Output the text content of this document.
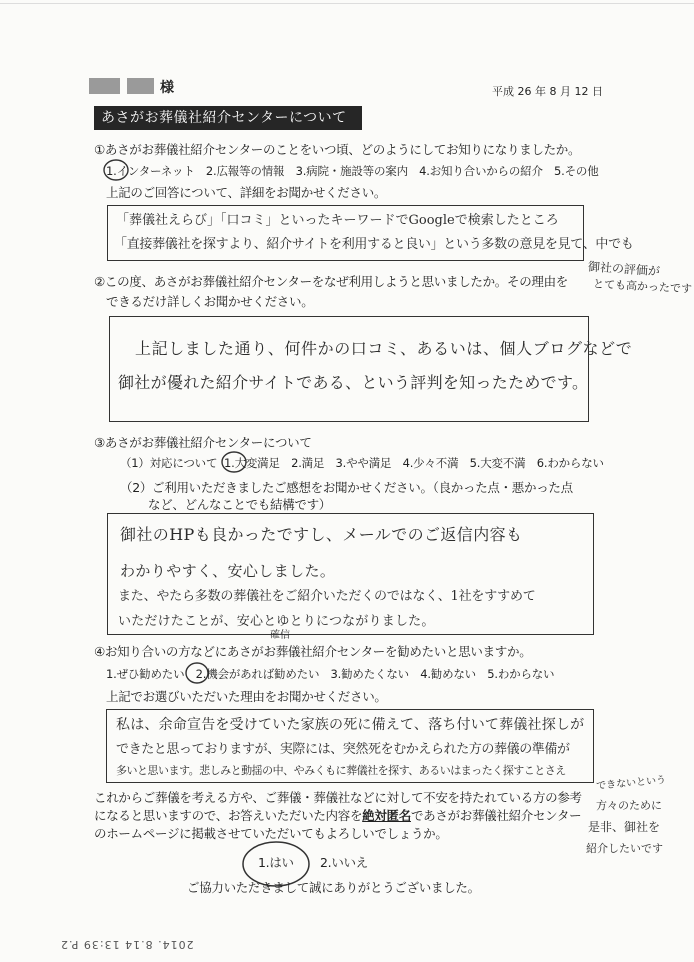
様	平成 26 年 8 月 12 日
あさがお葬儀社紹介センターについて
①あさがお葬儀社紹介センターのことをいつ頃、どのようにしてお知りになりましたか。
1.インターネット　2.広報等の情報　3.病院・施設等の案内　4.お知り合いからの紹介　5.その他
上記のご回答について、詳細をお聞かせください。
「葬儀社えらび」「口コミ」といったキーワードでGoogleで検索したところ
「直接葬儀社を探すより、紹介サイトを利用すると良い」という多数の意見を見て、中でも
御社の評価が
とても高かったです
②この度、あさがお葬儀社紹介センターをなぜ利用しようと思いましたか。その理由を
できるだけ詳しくお聞かせください。
上記しました通り、何件かの口コミ、あるいは、個人ブログなどで
御社が優れた紹介サイトである、という評判を知ったためです。
③あさがお葬儀社紹介センターについて
（1）対応について 1.大変満足　2.満足　3.やや満足　4.少々不満　5.大変不満　6.わからない
（2）ご利用いただきましたご感想をお聞かせください。（良かった点・悪かった点
など、どんなことでも結構です）
御社のHPも良かったですし、メールでのご返信内容も
わかりやすく、安心しました。
また、やたら多数の葬儀社をご紹介いただくのではなく、1社をすすめて
いただけたことが、安心とゆとりにつながりました。
確信
④お知り合いの方などにあさがお葬儀社紹介センターを勧めたいと思いますか。
1.ぜひ勧めたい　2.機会があれば勧めたい　3.勧めたくない　4.勧めない　5.わからない
上記でお選びいただいた理由をお聞かせください。
私は、余命宣告を受けていた家族の死に備えて、落ち付いて葬儀社探しが
できたと思っておりますが、実際には、突然死をむかえられた方の葬儀の準備が
多いと思います。悲しみと動揺の中、やみくもに葬儀社を探す、あるいはまったく探すことさえ
できないという
方々のために
是非、御社を
紹介したいです
これからご葬儀を考える方や、ご葬儀・葬儀社などに対して不安を持たれている方の参考
になると思いますので、お答えいただいた内容を絶対匿名であさがお葬儀社紹介センター
のホームページに掲載させていただいてもよろしいでしょうか。
1.はい 2.いいえ
ご協力いただきまして誠にありがとうございました。
2014. 8.14 13:39 P.2
